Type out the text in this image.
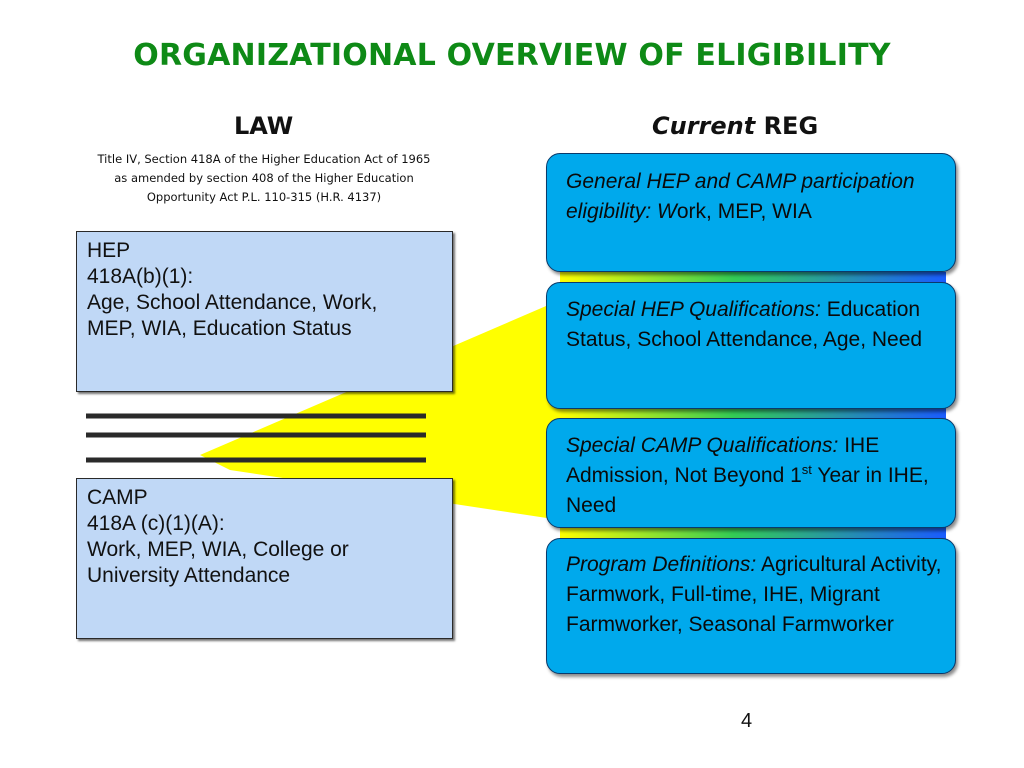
ORGANIZATIONAL OVERVIEW OF ELIGIBILITY
LAW	Current REG
Title IV, Section 418A of the Higher Education Act of 1965 as amended by section 408 of the Higher Education Opportunity Act P.L. 110-315 (H.R. 4137)
HEP
418A(b)(1):
Age, School Attendance, Work,
MEP, WIA, Education Status
CAMP
418A (c)(1)(A):
Work, MEP, WIA, College or
University Attendance
General HEP and CAMP participation eligibility: Work, MEP, WIA
Special HEP Qualifications: Education Status, School Attendance, Age, Need
Special CAMP Qualifications: IHE Admission, Not Beyond 1st Year in IHE, Need
Program Definitions: Agricultural Activity, Farmwork, Full-time, IHE, Migrant Farmworker, Seasonal Farmworker
4
